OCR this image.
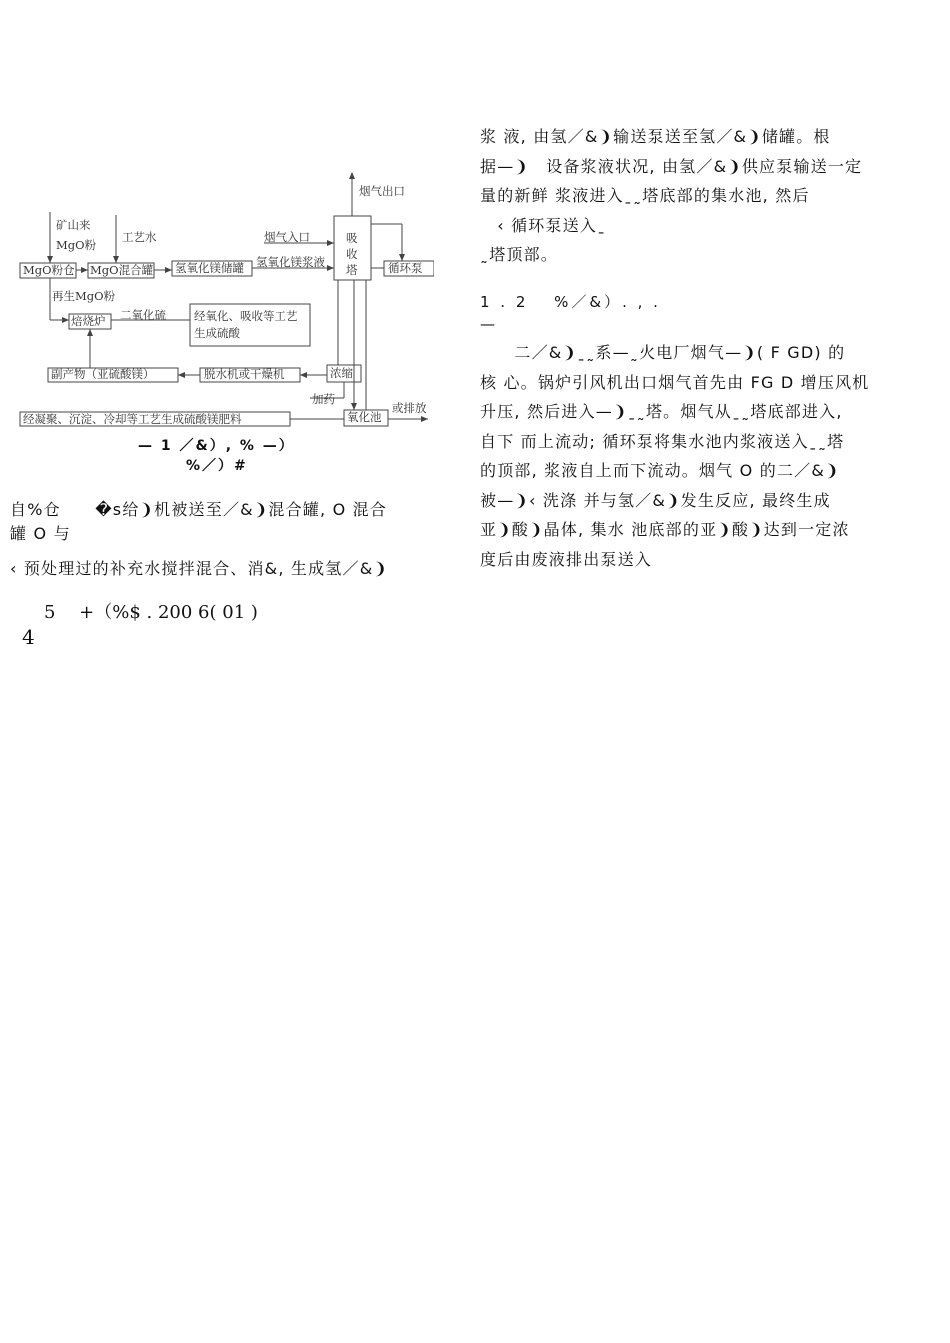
烟气出口
矿山来
MgO粉
工艺水	烟气入口	吸收塔
MgO粉仓 MgO混合罐 氢氧化镁储罐 氢氧化镁浆液	循环泵
再生MgO粉
焙烧炉 二氧化硫 经氧化、吸收等工艺
生成硫酸
副产物（亚硫酸镁）	脱水机或干燥机	浓缩
加药
氧化池
或排放
经凝聚、沉淀、冷却等工艺生成硫酸镁肥料
— 1 ／&）, % —）
%／）#

自%仓　　�s给❩机被送至／&❩混合罐, O 混合

罐 O 与

‹ 预处理过的补充水搅拌混合、消&, 生成氢／&❩

浆 液, 由氢／&❩输送泵送至氢／&❩储罐。根

据—❩　设备浆液状况, 由氢／&❩供应泵输送一定

量的新鲜 浆液进入ˍ˷塔底部的集水池, 然后

　‹ 循环泵送入ˍ

˷塔顶部。

1 . 2　 %／&）. , .
—

　　二／&❩ˍ˷系—˷火电厂烟气—❩( F GD) 的

核 心。锅炉引风机出口烟气首先由 FG D 增压风机

升压, 然后进入—❩ˍ˷塔。烟气从ˍ˷塔底部进入,

自下 而上流动; 循环泵将集水池内浆液送入ˍ˷塔

的顶部, 浆液自上而下流动。烟气 O 的二／&❩

被—❩‹ 洗涤 并与氢／&❩发生反应, 最终生成

亚❩酸❩晶体, 集水 池底部的亚❩酸❩达到一定浓

度后由废液排出泵送入

5　 +（%$ . 200 6( 01 )
4
